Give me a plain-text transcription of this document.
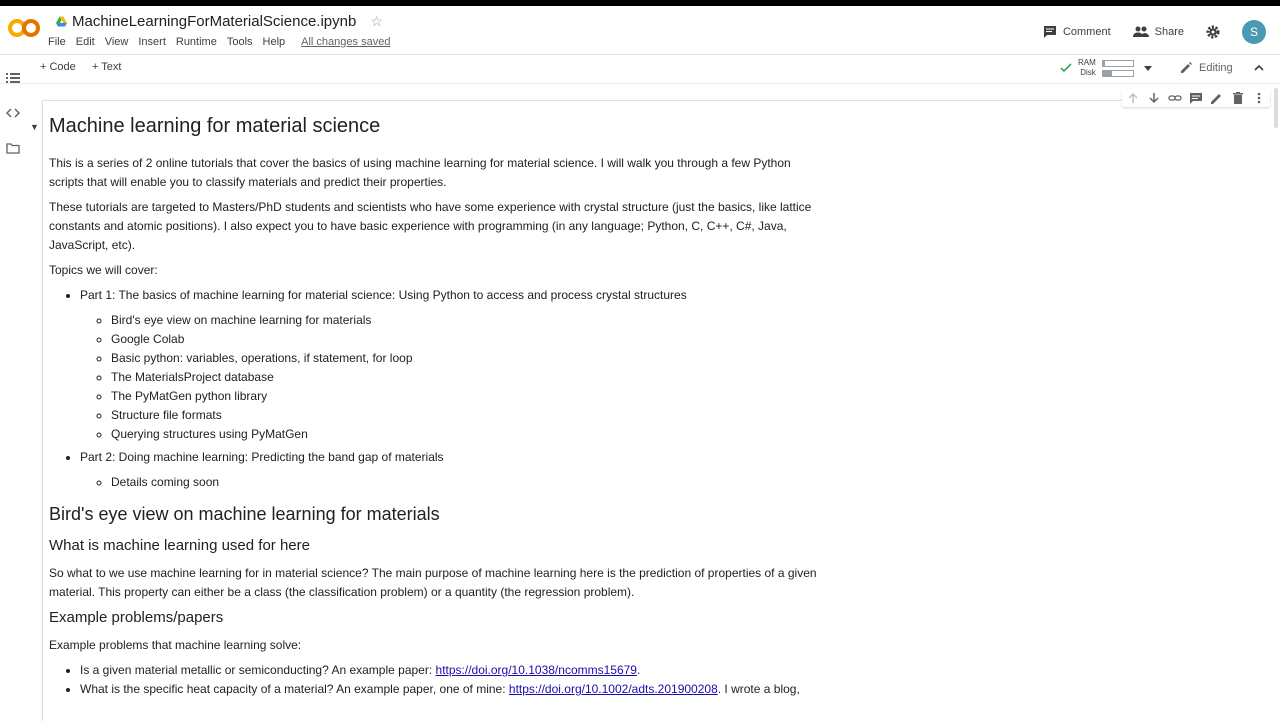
MachineLearningForMaterialScience.ipynb ☆
File Edit View Insert Runtime Tools Help	All changes saved
Comment	Share	S
+ Code + Text	RAM
Disk	Editing
▼ Machine learning for material science

This is a series of 2 online tutorials that cover the basics of using machine learning for material science. I will walk you through a few Python scripts that will enable you to classify materials and predict their properties.

These tutorials are targeted to Masters/PhD students and scientists who have some experience with crystal structure (just the basics, like lattice constants and atomic positions). I also expect you to have basic experience with programming (in any language; Python, C, C++, C#, Java, JavaScript, etc).

Topics we will cover:

• Part 1: The basics of machine learning for material science: Using Python to access and process crystal structures
◦ Bird's eye view on machine learning for materials
◦ Google Colab
◦ Basic python: variables, operations, if statement, for loop
◦ The MaterialsProject database
◦ The PyMatGen python library
◦ Structure file formats
◦ Querying structures using PyMatGen
• Part 2: Doing machine learning: Predicting the band gap of materials
◦ Details coming soon
Bird's eye view on machine learning for materials
What is machine learning used for here

So what to we use machine learning for in material science? The main purpose of machine learning here is the prediction of properties of a given material. This property can either be a class (the classification problem) or a quantity (the regression problem).

Example problems/papers

Example problems that machine learning solve:

• Is a given material metallic or semiconducting? An example paper: https://doi.org/10.1038/ncomms15679.
• What is the specific heat capacity of a material? An example paper, one of mine: https://doi.org/10.1002/adts.201900208. I wrote a blog,
